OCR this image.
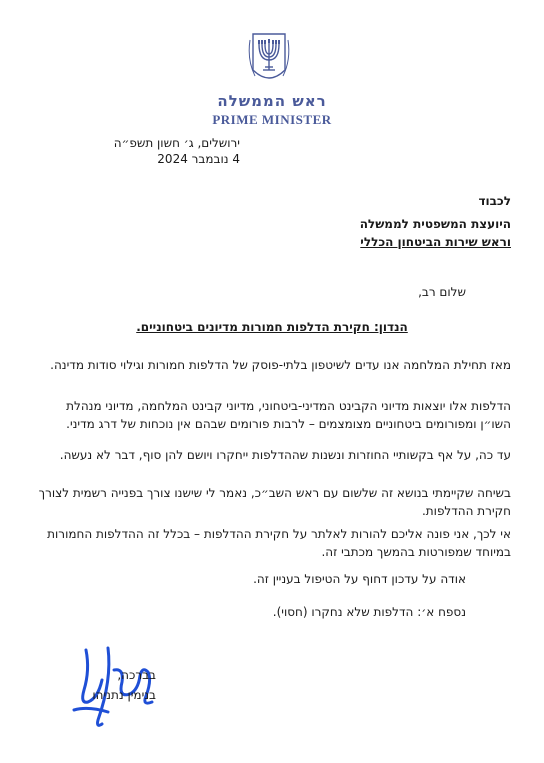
ראש הממשלה
PRIME MINISTER
ירושלים, ג׳ חשון תשפ״ה
4 נובמבר 2024

לכבוד

היועצת המשפטית לממשלה

וראש שירות הביטחון הכללי

שלום רב,

הנדון: חקירת הדלפות חמורות מדיונים ביטחוניים.

מאז תחילת המלחמה אנו עדים לשיטפון בלתי-פוסק של הדלפות חמורות וגילוי סודות מדינה.

הדלפות אלו יוצאות מדיוני הקבינט המדיני-ביטחוני, מדיוני קבינט המלחמה, מדיוני מנהלת השו״ן ומפורומים ביטחוניים מצומצמים – לרבות פורומים שבהם אין נוכחות של דרג מדיני.

עד כה, על אף בקשותיי החוזרות ונשנות שההדלפות ייחקרו ויושם להן סוף, דבר לא נעשה.

בשיחה שקיימתי בנושא זה שלשום עם ראש השב״כ, נאמר לי שישנו צורך בפנייה רשמית לצורך חקירת ההדלפות.

אי לכך, אני פונה אליכם להורות לאלתר על חקירת ההדלפות – בכלל זה ההדלפות החמורות במיוחד שמפורטות בהמשך מכתבי זה.

אודה על עדכון דחוף על הטיפול בעניין זה.

נספח א׳: הדלפות שלא נחקרו (חסוי).

בברכה,

בנימין נתניהו
